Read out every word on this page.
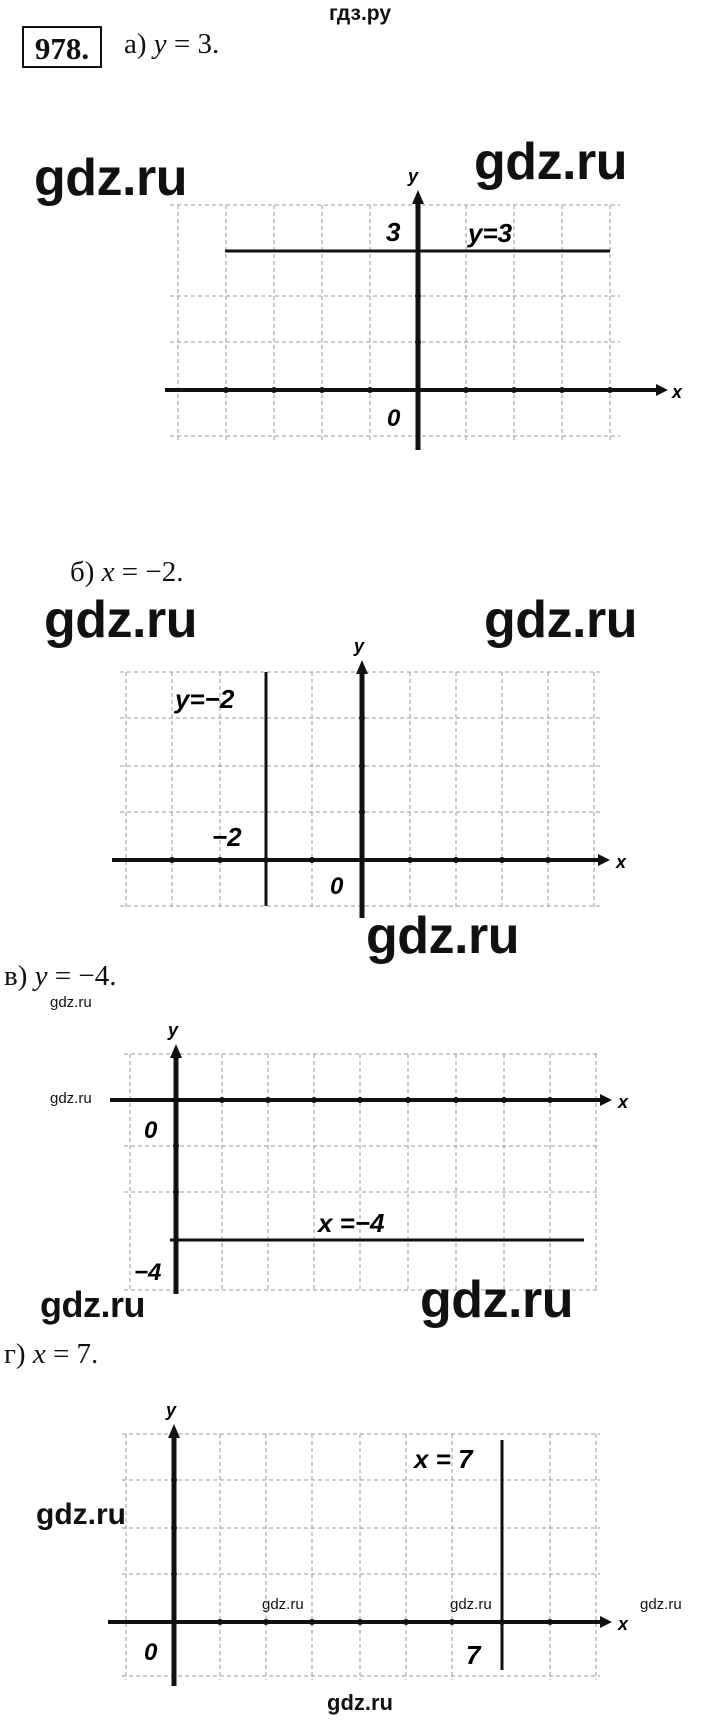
гдз.ру
978.	а) y = 3.
gdz.ru	gdz.ru
x
y
0
3	y=3
б) x = −2.
gdz.ru	gdz.ru
x
y
0
−2
y=−2
gdz.ru
в) y = −4.
gdz.ru
gdz.ru	x
y
0
−4
x =−4
gdz.ru	gdz.ru
г) x = 7.
gdz.ru
x
y
0	7
x = 7
gdz.ru	gdz.ru	gdz.ru
gdz.ru
